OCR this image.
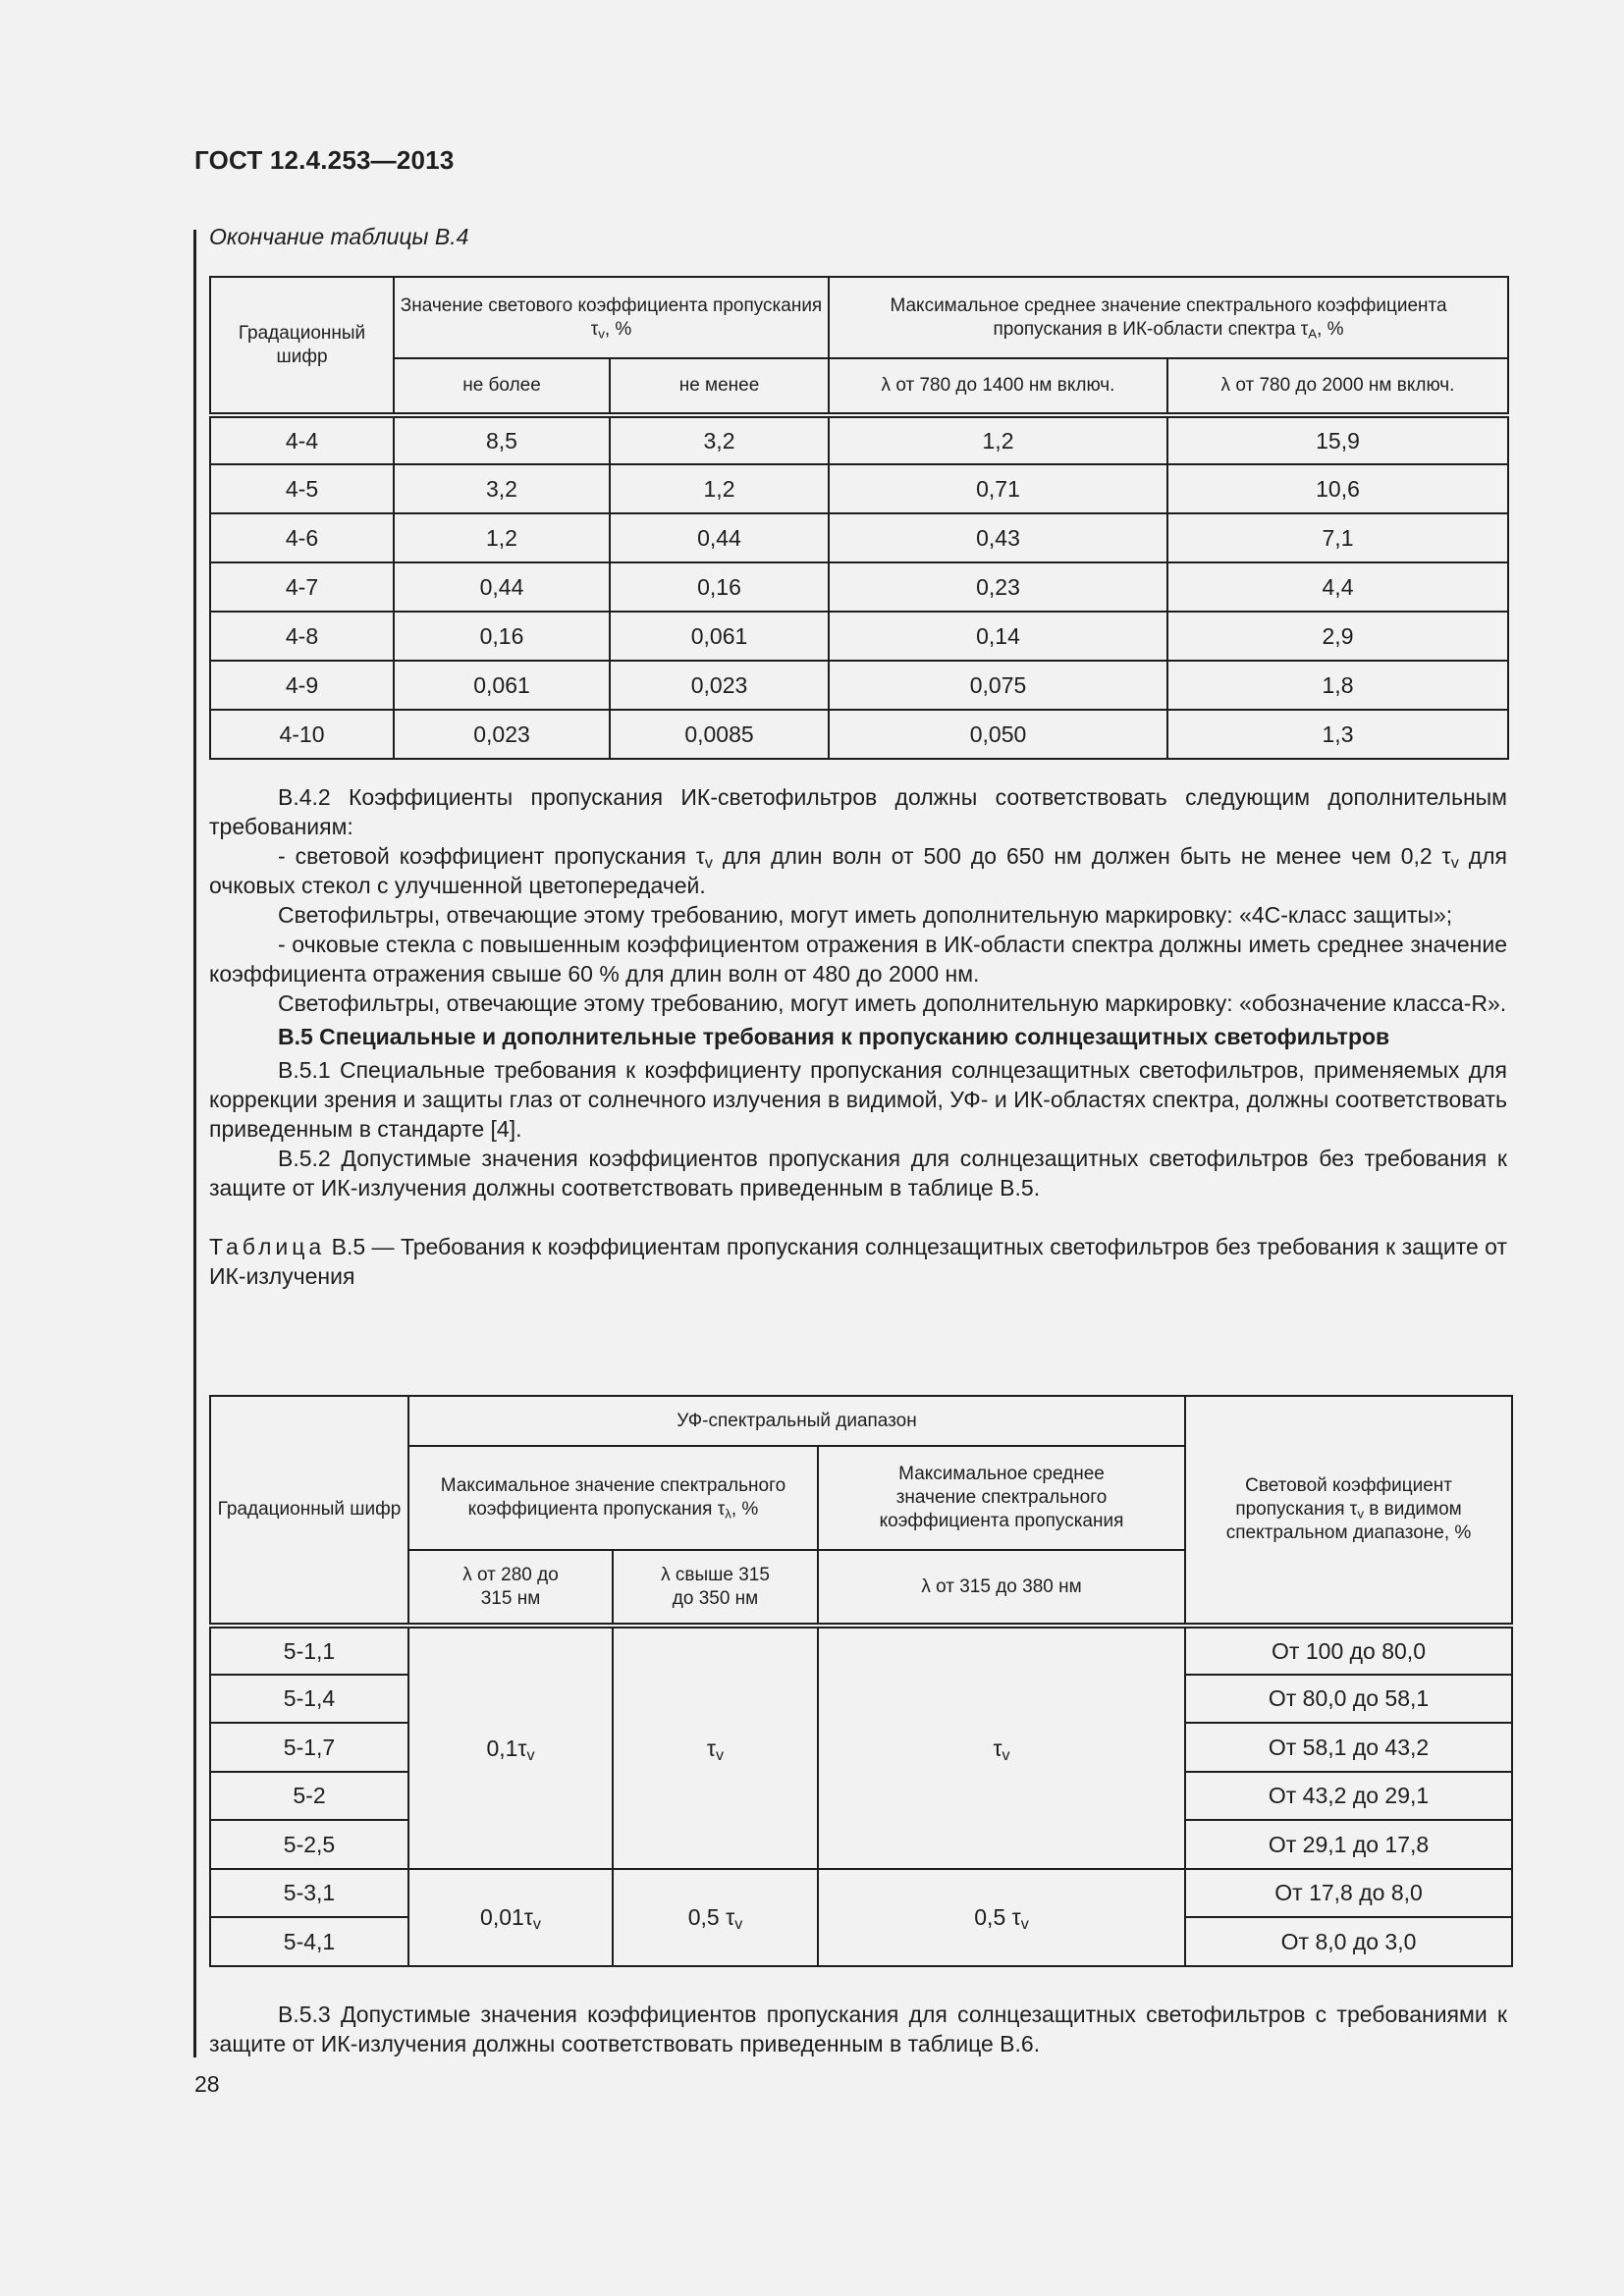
ГОСТ 12.4.253—2013
Окончание таблицы В.4
Градационный шифр	Значение светового коэффициента пропускания $\tau_v$, %		Максимальное среднее значение спектрального коэффициента пропускания в ИК-области спектра $\tau_A$, %	
	не более	не менее	λ от 780 до 1400 нм включ.	λ от 780 до 2000 нм включ.
4-4	8,5	3,2	1,2	15,9
4-5	3,2	1,2	0,71	10,6
4-6	1,2	0,44	0,43	7,1
4-7	0,44	0,16	0,23	4,4
4-8	0,16	0,061	0,14	2,9
4-9	0,061	0,023	0,075	1,8
4-10	0,023	0,0085	0,050	1,3

В.4.2 Коэффициенты пропускания ИК-светофильтров должны соответствовать следующим дополнительным требованиям:

- световой коэффициент пропускания $\tau_v$ для длин волн от 500 до 650 нм должен быть не менее чем 0,2 $\tau_v$ для очковых стекол с улучшенной цветопередачей.

Светофильтры, отвечающие этому требованию, могут иметь дополнительную маркировку: «4С-класс защиты»;

- очковые стекла с повышенным коэффициентом отражения в ИК-области спектра должны иметь среднее значение коэффициента отражения свыше 60 % для длин волн от 480 до 2000 нм.

Светофильтры, отвечающие этому требованию, могут иметь дополнительную маркировку: «обозначение класса-R».

В.5 Специальные и дополнительные требования к пропусканию солнцезащитных светофильтров

В.5.1 Специальные требования к коэффициенту пропускания солнцезащитных светофильтров, применяемых для коррекции зрения и защиты глаз от солнечного излучения в видимой, УФ- и ИК-областях спектра, должны соответствовать приведенным в стандарте [4].

В.5.2 Допустимые значения коэффициентов пропускания для солнцезащитных светофильтров без требования к защите от ИК-излучения должны соответствовать приведенным в таблице В.5.

Таблица В.5 — Требования к коэффициентам пропускания солнцезащитных светофильтров без требования к защите от ИК-излучения

Градационный шифр	УФ-спектральный диапазон			Световой коэффициент пропускания $\tau_v$ в видимом спектральном диапазоне, %
	Максимальное значение спектрального коэффициента пропускания $\tau_\lambda$, %		Максимальное среднее значение спектрального коэффициента пропускания	
	λ от 280 до 315 нм	λ свыше 315 до 350 нм	λ от 315 до 380 нм	
5-1,1	$0,1\tau_v$	$\tau_v$	$\tau_v$	От 100 до 80,0
5-1,4				От 80,0 до 58,1
5-1,7				От 58,1 до 43,2
5-2				От 43,2 до 29,1
5-2,5				От 29,1 до 17,8
5-3,1	$0,01\tau_v$	0,5 $\tau_v$	0,5 $\tau_v$	От 17,8 до 8,0
5-4,1				От 8,0 до 3,0

В.5.3 Допустимые значения коэффициентов пропускания для солнцезащитных светофильтров с требованиями к защите от ИК-излучения должны соответствовать приведенным в таблице В.6.

28
